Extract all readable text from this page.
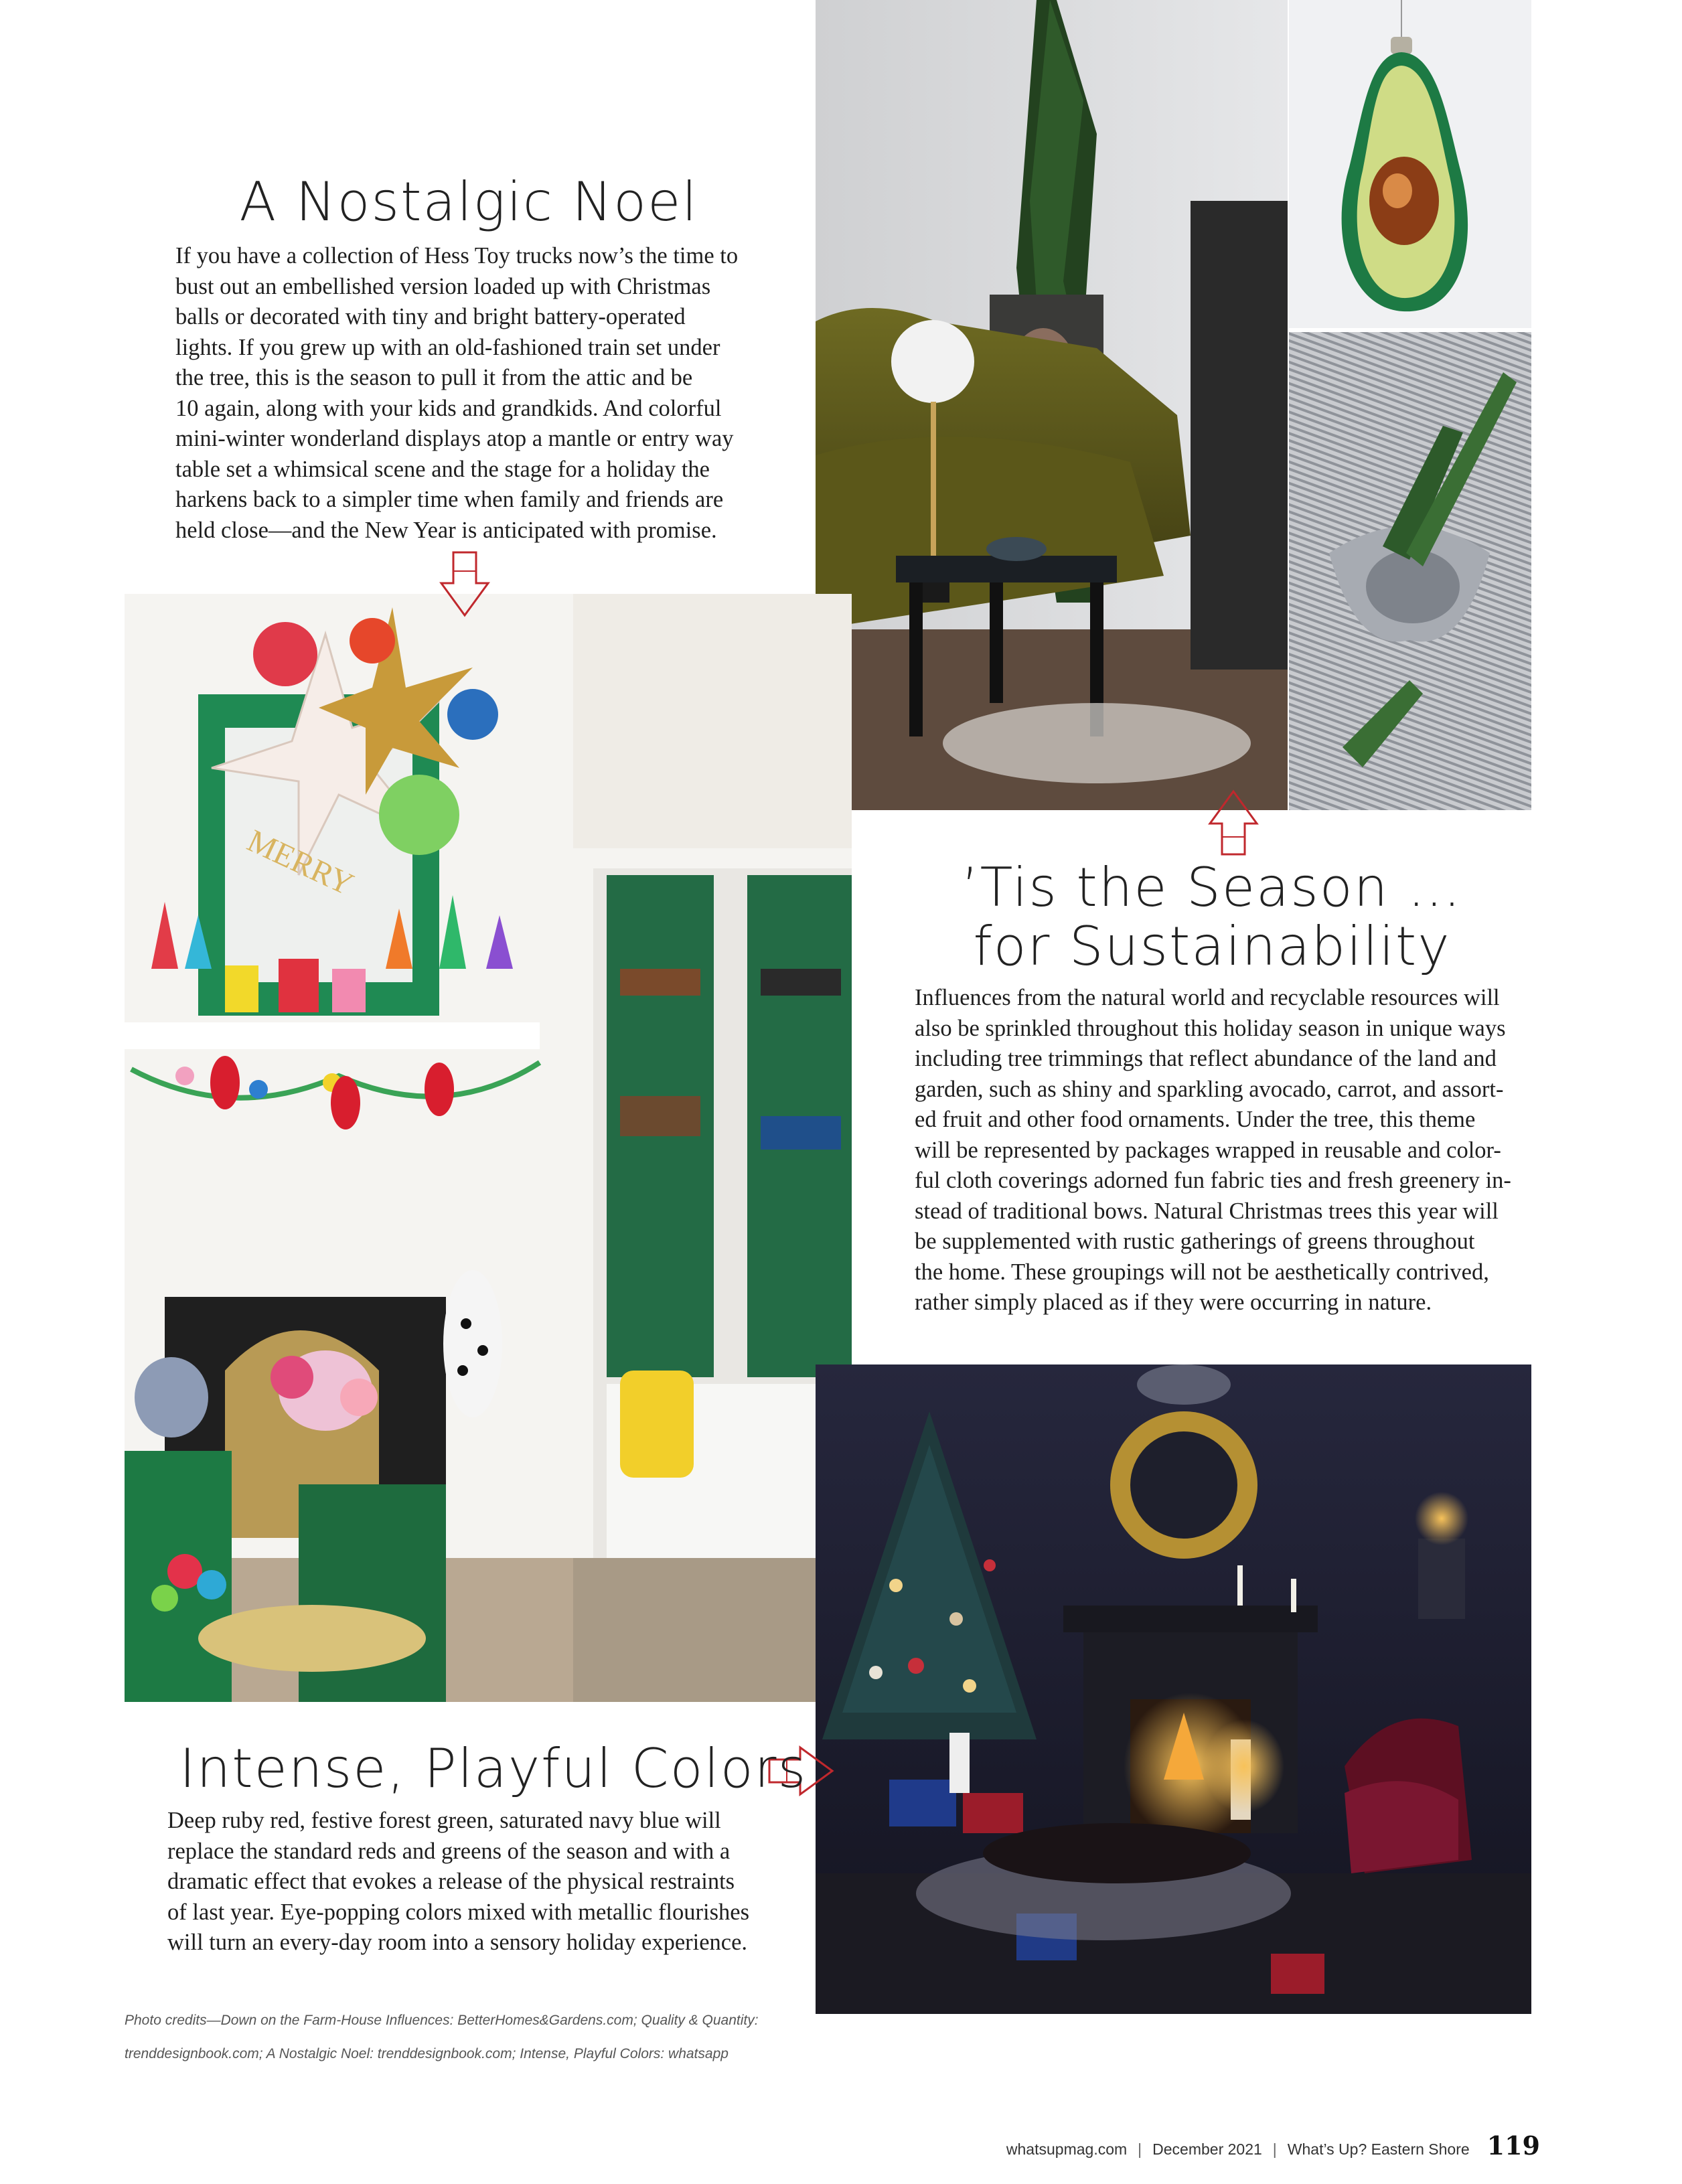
MERRY
A Nostalgic Noel
If you have a collection of Hess Toy trucks now’s the time to
bust out an embellished version loaded up with Christmas
balls or decorated with tiny and bright battery-operated
lights. If you grew up with an old-fashioned train set under
the tree, this is the season to pull it from the attic and be
10 again, along with your kids and grandkids. And colorful
mini-winter wonderland displays atop a mantle or entry way
table set a whimsical scene and the stage for a holiday the
harkens back to a simpler time when family and friends are
held close—and the New Year is anticipated with promise.
’Tis the Season …
for Sustainability
Influences from the natural world and recyclable resources will
also be sprinkled throughout this holiday season in unique ways
including tree trimmings that reflect abundance of the land and
garden, such as shiny and sparkling avocado, carrot, and assort-
ed fruit and other food ornaments. Under the tree, this theme
will be represented by packages wrapped in reusable and color-
ful cloth coverings adorned fun fabric ties and fresh greenery in-
stead of traditional bows. Natural Christmas trees this year will
be supplemented with rustic gatherings of greens throughout
the home. These groupings will not be aesthetically contrived,
rather simply placed as if they were occurring in nature.
Intense, Playful Colors
Deep ruby red, festive forest green, saturated navy blue will
replace the standard reds and greens of the season and with a
dramatic effect that evokes a release of the physical restraints
of last year. Eye-popping colors mixed with metallic flourishes
will turn an every-day room into a sensory holiday experience.
Photo credits—Down on the Farm-House Influences: BetterHomes&Gardens.com; Quality & Quantity:
trenddesignbook.com; A Nostalgic Noel: trenddesignbook.com; Intense, Playful Colors: whatsapp
whatsupmag.com | December 2021 | What’s Up? Eastern Shore 119
